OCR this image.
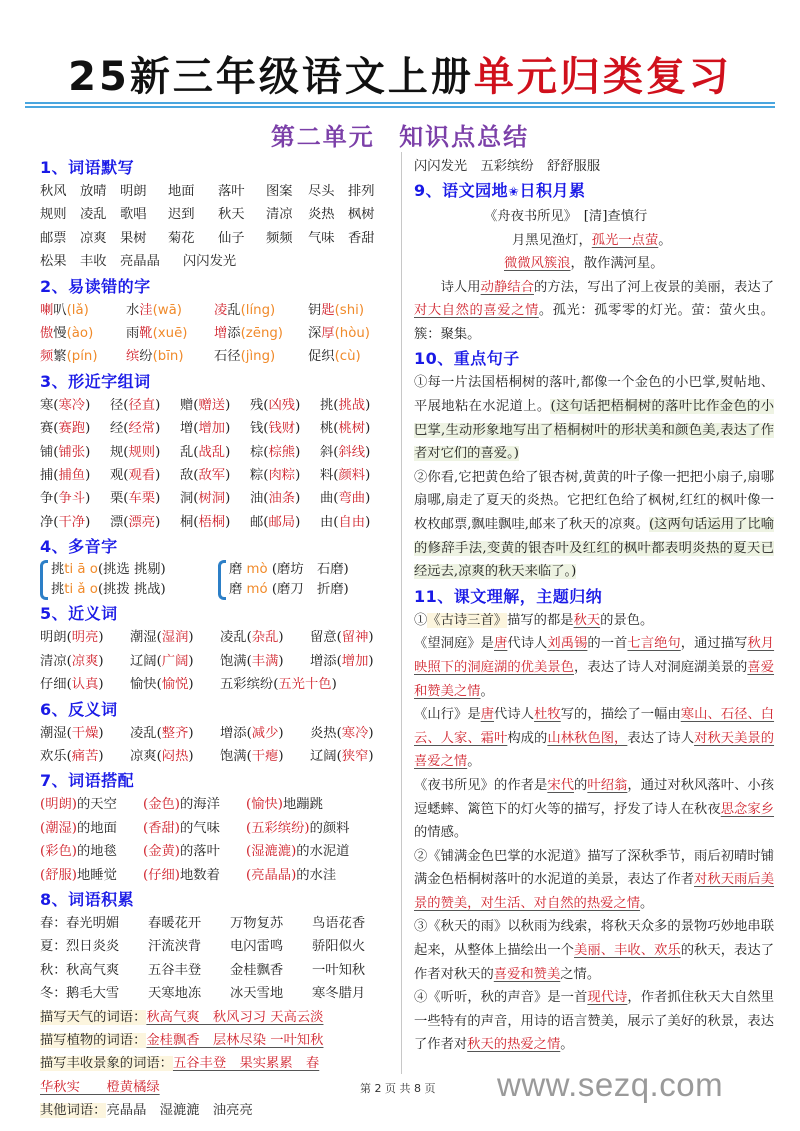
25新三年级语文上册单元归类复习
第二单元 知识点总结
1、词语默写
秋风	放晴	明朗	地面	落叶	图案	尽头	排列
规则	凌乱	歌唱	迟到	秋天	清凉	炎热	枫树
邮票	凉爽	果树	菊花	仙子	频频	气味	香甜
松果	丰收	亮晶晶	闪闪发光
2、易读错的字
喇叭(lǎ)	水洼(wā)	凌乱(líng)	钥匙(shi)
傲慢(ào)	雨靴(xuē)	增添(zēng)	深厚(hòu)
频繁(pín)	缤纷(bīn)	石径(jìng)	促织(cù)
3、形近字组词
寒(寒冷)	径(径直)	赠(赠送)	残(凶残)	挑(挑战)
赛(赛跑)	经(经常)	增(增加)	钱(钱财)	桃(桃树)
铺(铺张)	规(规则)	乱(战乱)	棕(棕熊)	斜(斜线)
捕(捕鱼)	观(观看)	敌(敌军)	粽(肉粽)	料(颜料)
争(争斗)	栗(车栗)	洞(树洞)	油(油条)	曲(弯曲)
净(干净)	漂(漂亮)	桐(梧桐)	邮(邮局)	由(自由)
4、多音字
挑ti ā o(挑选 挑剔)
挑ti ǎ o(挑拨 挑战)
磨 mò (磨坊　石磨)
磨 mó (磨刀　折磨)
5、近义词
明朗(明亮)	潮湿(湿润)	凌乱(杂乱)	留意(留神)
清凉(凉爽)	辽阔(广阔)	饱满(丰满)	增添(增加)
仔细(认真)	愉快(愉悦)	五彩缤纷(五光十色)
6、反义词
潮湿(干燥)	凌乱(整齐)	增添(减少)	炎热(寒冷)
欢乐(痛苦)	凉爽(闷热)	饱满(干瘪)	辽阔(狭窄)
7、词语搭配
(明朗)的天空	(金色)的海洋	(愉快)地蹦跳
(潮湿)的地面	(香甜)的气味	(五彩缤纷)的颜料
(彩色)的地毯	(金黄)的落叶	(湿漉漉)的水泥道
(舒服)地睡觉	(仔细)地数着	(亮晶晶)的水洼
8、词语积累
春： 春光明媚	春暖花开	万物复苏	鸟语花香
夏： 烈日炎炎	汗流浃背	电闪雷鸣	骄阳似火
秋： 秋高气爽	五谷丰登	金桂飘香	一叶知秋
冬： 鹅毛大雪	天寒地冻	冰天雪地	寒冬腊月
描写天气的词语：秋高气爽　秋风习习 天高云淡
描写植物的词语：金桂飘香　层林尽染 一叶知秋
描写丰收景象的词语：五谷丰登　果实累累　春
华秋实　　橙黄橘绿
其他词语：亮晶晶　湿漉漉　油亮亮
闪闪发光　五彩缤纷　舒舒服服
9、语文园地✬日积月累
《舟夜书所见》　[清]查慎行
月黑见渔灯，孤光一点萤。
微微风簇浪，散作满河星。
诗人用动静结合的方法，写出了河上夜景的美丽，表达了对大自然的喜爱之情。孤光：孤零零的灯光。萤：萤火虫。簇：聚集。
10、重点句子
①每一片法国梧桐树的落叶,都像一个金色的小巴掌,熨帖地、平展地粘在水泥道上。(这句话把梧桐树的落叶比作金色的小巴掌,生动形象地写出了梧桐树叶的形状美和颜色美,表达了作者对它们的喜爱。)
②你看,它把黄色给了银杏树,黄黄的叶子像一把把小扇子,扇哪扇哪,扇走了夏天的炎热。它把红色给了枫树,红红的枫叶像一枚枚邮票,飘哇飘哇,邮来了秋天的凉爽。(这两句话运用了比喻的修辞手法,变黄的银杏叶及红红的枫叶都表明炎热的夏天已经远去,凉爽的秋天来临了。)
11、课文理解，主题归纳
①《古诗三首》描写的都是秋天的景色。
《望洞庭》是唐代诗人刘禹锡的一首七言绝句，通过描写秋月映照下的洞庭湖的优美景色，表达了诗人对洞庭湖美景的喜爱和赞美之情。
《山行》是唐代诗人杜牧写的，描绘了一幅由寒山、石径、白云、人家、霜叶构成的山林秋色图，表达了诗人对秋天美景的喜爱之情。
《夜书所见》的作者是宋代的叶绍翁，通过对秋风落叶、小孩逗蟋蟀、篱笆下的灯火等的描写，抒发了诗人在秋夜思念家乡的情感。
②《铺满金色巴掌的水泥道》描写了深秋季节，雨后初晴时铺满金色梧桐树落叶的水泥道的美景，表达了作者对秋天雨后美景的赞美，对生活、对自然的热爱之情。
③《秋天的雨》以秋雨为线索，将秋天众多的景物巧妙地串联起来，从整体上描绘出一个美丽、丰收、欢乐的秋天，表达了作者对秋天的喜爱和赞美之情。
④《听听，秋的声音》是一首现代诗，作者抓住秋天大自然里一些特有的声音，用诗的语言赞美，展示了美好的秋景，表达了作者对秋天的热爱之情。
第 2 页 共 8 页 www.sezq.com
